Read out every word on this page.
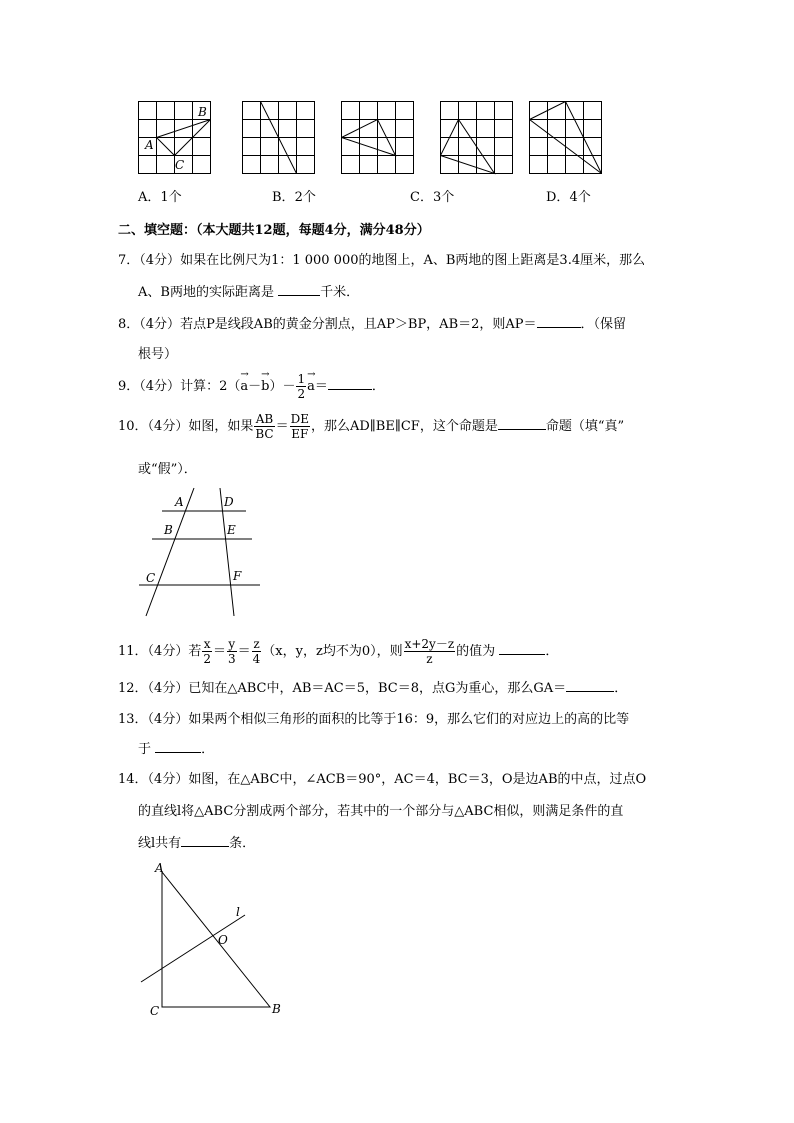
A
B
C
A．1个	B．2个	C．3个	D．4个
二、填空题：（本大题共12题，每题4分，满分48分）
7．（4分）如果在比例尺为1：1 000 000的地图上，A、B两地的图上距离是3.4厘米，那么
A、B两地的实际距离是	千米．
8．（4分）若点P是线段AB的黄金分割点，且AP＞BP，AB＝2，则AP＝	．（保留
根号）
9．（4分）计算：2（
→
a－
→
$b)- \frac{1}{2}$ →
a＝	．
10．（4分）如图，如果 $\frac{AB}{BC} = \frac{DE}{EF}$ ，那么AD∥BE∥CF，这个命题是	命题（填“真”
或“假”）．
A	D
B	E
C	F
11．（4分）若 $\frac{x}{2} = \frac{y}{3} = \frac{z}{4} (x$，y，z均不为0），则 $\frac{x+2y-z}{z}$ 的值为	．
12．（4分）已知在△ABC中，AB＝AC＝5，BC＝8，点G为重心，那么GA＝	．
13．（4分）如果两个相似三角形的面积的比等于16：9，那么它们的对应边上的高的比等
于	．
14．（4分）如图，在△ABC中，∠ACB＝90°，AC＝4，BC＝3，O是边AB的中点，过点O
的直线l将△ABC分割成两个部分，若其中的一个部分与△ABC相似，则满足条件的直
线l共有	条．
A
C	B
O
l
